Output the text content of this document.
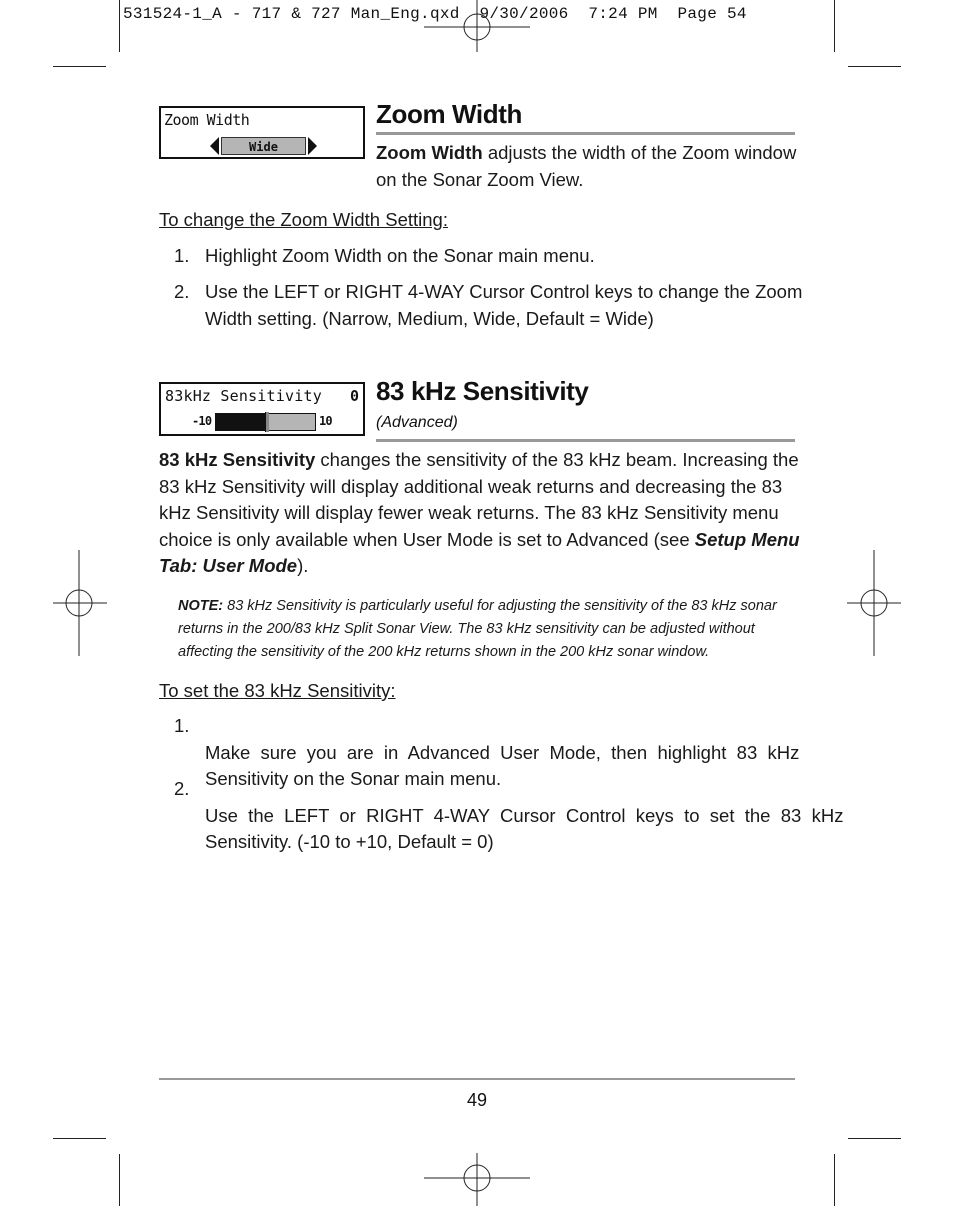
531524-1_A - 717 & 727 Man_Eng.qxd  9/30/2006  7:24 PM  Page 54
Zoom Width
Wide
Zoom Width
Zoom Width adjusts the width of the Zoom window
on the Sonar Zoom View.
To change the Zoom Width Setting:
1. Highlight Zoom Width on the Sonar main menu.
2. Use the LEFT or RIGHT 4-WAY Cursor Control keys to change the Zoom
Width setting. (Narrow, Medium, Wide, Default = Wide)
83kHz Sensitivity 0
-10	10
83 kHz Sensitivity
(Advanced)
83 kHz Sensitivity changes the sensitivity of the 83 kHz beam. Increasing the
83 kHz Sensitivity will display additional weak returns and decreasing the 83
kHz Sensitivity will display fewer weak returns. The 83 kHz Sensitivity menu
choice is only available when User Mode is set to Advanced (see Setup Menu
Tab: User Mode).
NOTE: 83 kHz Sensitivity is particularly useful for adjusting the sensitivity of the 83 kHz sonar
returns in the 200/83 kHz Split Sonar View. The 83 kHz sensitivity can be adjusted without
affecting the sensitivity of the 200 kHz returns shown in the 200 kHz sonar window.
To set the 83 kHz Sensitivity:
1.

Make  sure  you  are  in  Advanced  User  Mode,  then  highlight  83  kHz
Sensitivity on the Sonar main menu.
2.

Use  the  LEFT  or  RIGHT  4-WAY  Cursor  Control  keys  to  set  the  83  kHz
Sensitivity. (-10 to +10, Default = 0)
49
